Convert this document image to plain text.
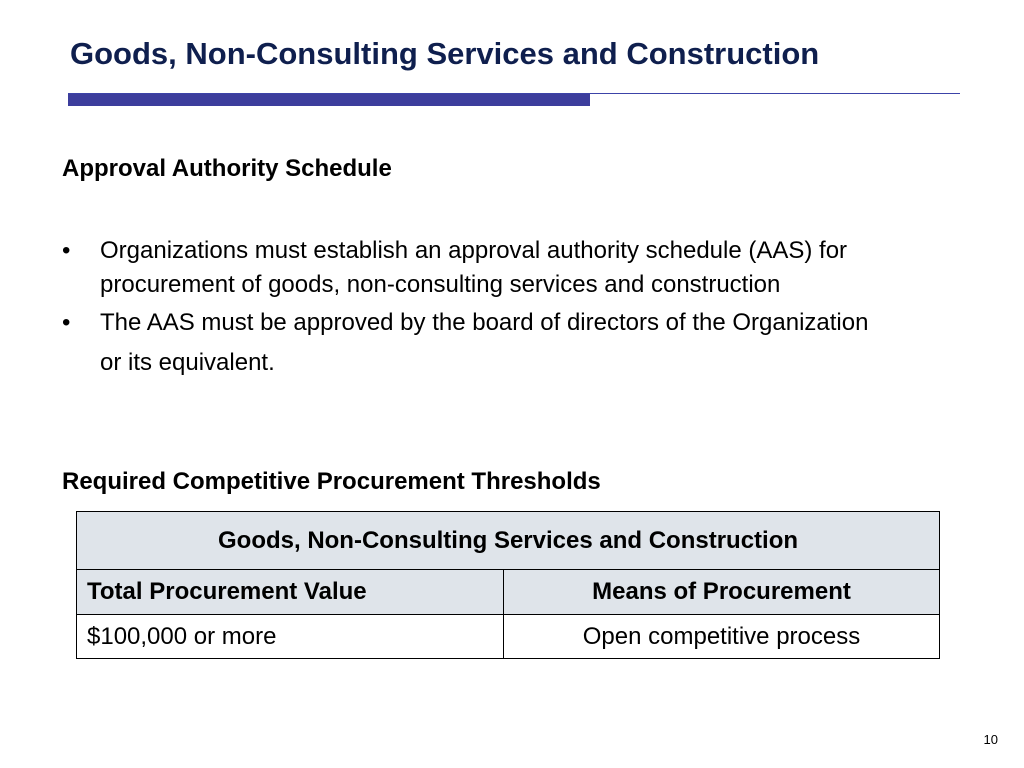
Goods, Non-Consulting Services and Construction
Approval Authority Schedule
• Organizations must establish an approval authority schedule (AAS) for procurement of goods, non-consulting services and construction
• The AAS must be approved by the board of directors of the Organization or its equivalent.
Required Competitive Procurement Thresholds
Goods, Non-Consulting Services and Construction	
Total Procurement Value	Means of Procurement
$100,000 or more	Open competitive process
10
